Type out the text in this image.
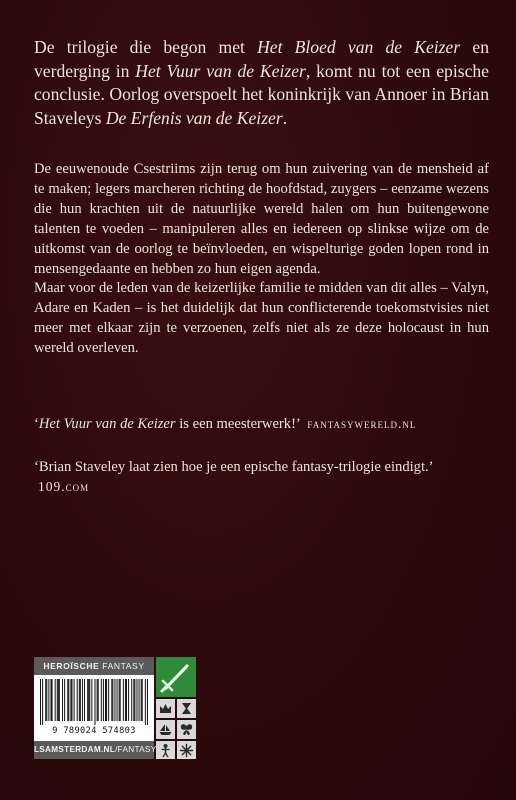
De trilogie die begon met Het Bloed van de Keizer en verderging in Het Vuur van de Keizer, komt nu tot een epische conclusie. Oorlog overspoelt het koninkrijk van Annoer in Brian Staveleys De Erfenis van de Keizer.

De eeuwenoude Csestriims zijn terug om hun zuivering van de mensheid af te maken; legers marcheren richting de hoofdstad, zuygers – eenzame wezens die hun krachten uit de natuurlijke wereld halen om hun buitengewone talenten te voeden – manipuleren alles en iedereen op slinkse wijze om de uitkomst van de oorlog te beïnvloeden, en wispelturige goden lopen rond in mensengedaante en hebben zo hun eigen agenda.

Maar voor de leden van de keizerlijke familie te midden van dit alles – Valyn, Adare en Kaden – is het duidelijk dat hun conflicterende toekomstvisies niet meer met elkaar zijn te verzoenen, zelfs niet als ze deze holocaust in hun wereld overleven.

‘Het Vuur van de Keizer is een meesterwerk!’ fantasywereld.nl
‘Brian Staveley laat zien hoe je een epische fantasy-trilogie eindigt.’ 109.com
HEROÏSCHE FANTASY
9 789024 574803
LSAMSTERDAM.NL/FANTASY
